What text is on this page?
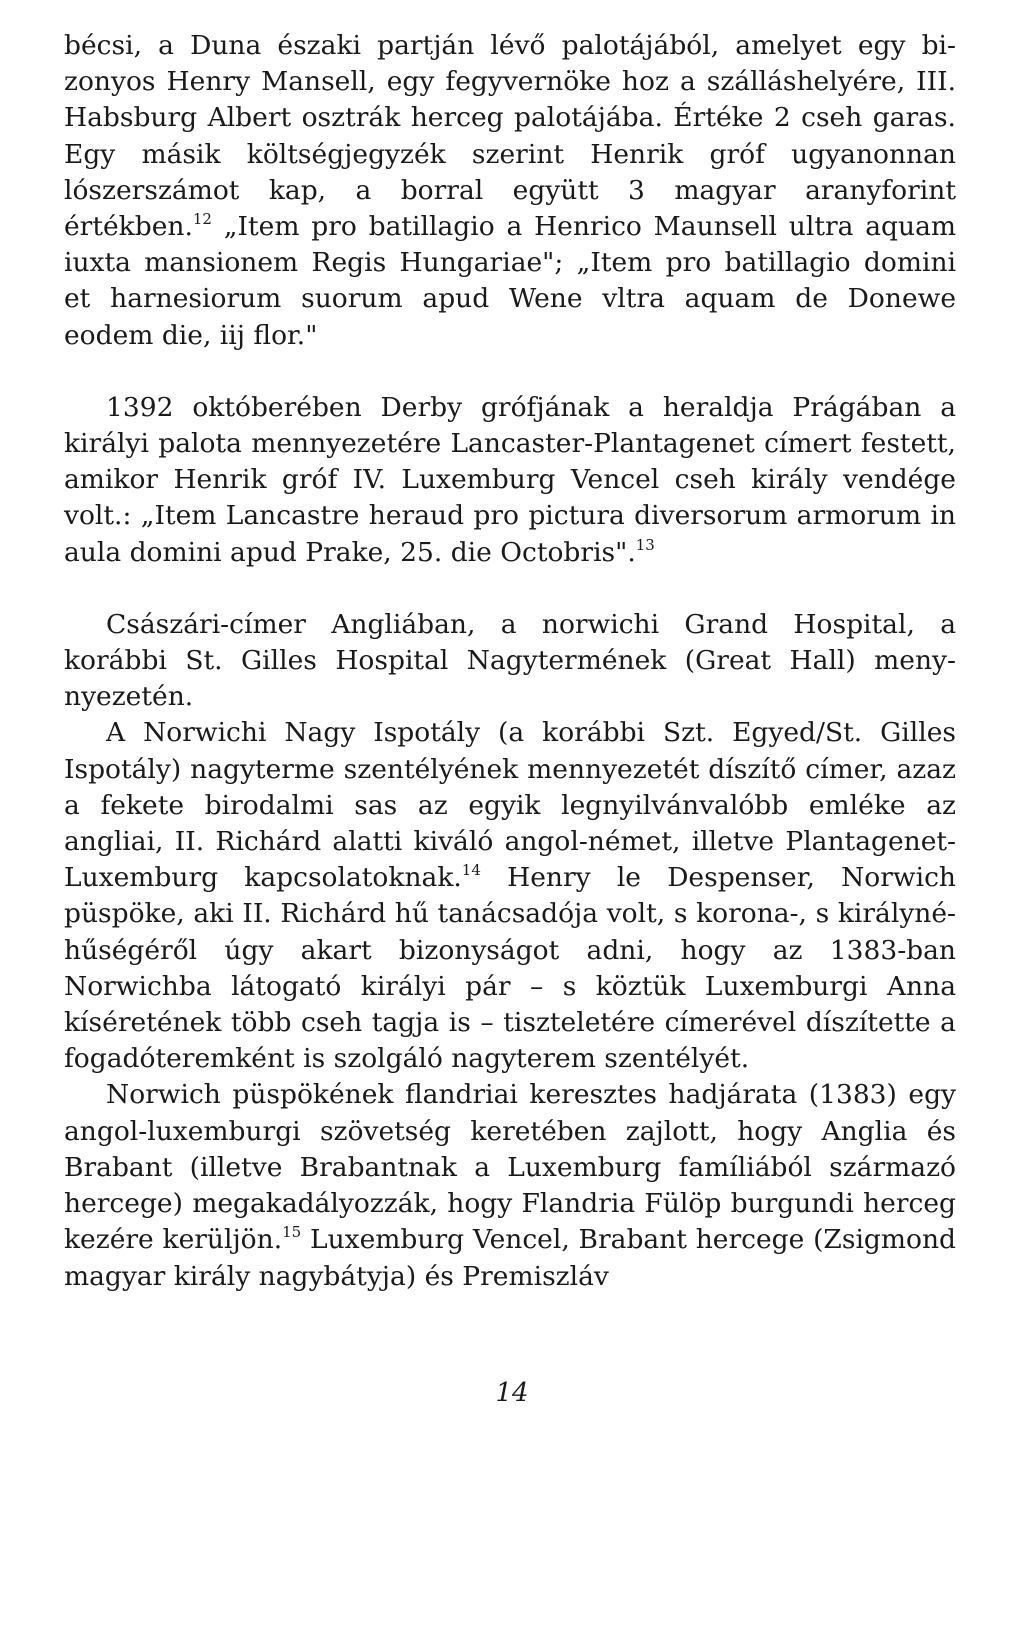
bécsi, a Duna északi partján lévő palotájából, amelyet egy bizonyos Henry Mansell, egy fegyvernöke hoz a szálláshelyére, III. Habsburg Albert osztrák herceg palotájába. Értéke 2 cseh garas. Egy másik költségjegyzék szerint Henrik gróf ugyanonnan lószerszámot kap, a borral együtt 3 magyar aranyforint értékben.$^{12}$ „Item pro batillagio a Henrico Maunsell ultra aquam iuxta mansionem Regis Hungariae"; „Item pro batillagio domini et harnesiorum suorum apud Wene vltra aquam de Donewe eodem die, iij flor."

1392 októberében Derby grófjának a heraldja Prágában a királyi palota mennyezetére Lancaster-Plantagenet címert festett, amikor Henrik gróf IV. Luxemburg Vencel cseh király vendége volt.: „Item Lancastre heraud pro pictura diversorum armorum in aula domini apud Prake, 25. die Octobris".$^{13}$

Császári-címer Angliában, a norwichi Grand Hospital, a korábbi St. Gilles Hospital Nagytermének (Great Hall) menynyezetén.

A Norwichi Nagy Ispotály (a korábbi Szt. Egyed/St. Gilles Ispotály) nagyterme szentélyének mennyezetét díszítő címer, azaz a fekete birodalmi sas az egyik legnyilvánvalóbb emléke az angliai, II. Richárd alatti kiváló angol-német, illetve Plantagenet-Luxemburg kapcsolatoknak.$^{14}$ Henry le Despenser, Norwich püspöke, aki II. Richárd hű tanácsadója volt, s korona-, s királyné-hűségéről úgy akart bizonyságot adni, hogy az 1383-ban Norwichba látogató királyi pár – s köztük Luxemburgi Anna kíséretének több cseh tagja is – tiszteletére címerével díszítette a fogadóteremként is szolgáló nagyterem szentélyét.

Norwich püspökének flandriai keresztes hadjárata (1383) egy angol-luxemburgi szövetség keretében zajlott, hogy Anglia és Brabant (illetve Brabantnak a Luxemburg famíliából származó hercege) megakadályozzák, hogy Flandria Fülöp burgundi herceg kezére kerüljön.$^{15}$ Luxemburg Vencel, Brabant hercege (Zsigmond magyar király nagybátyja) és Premiszláv

14
